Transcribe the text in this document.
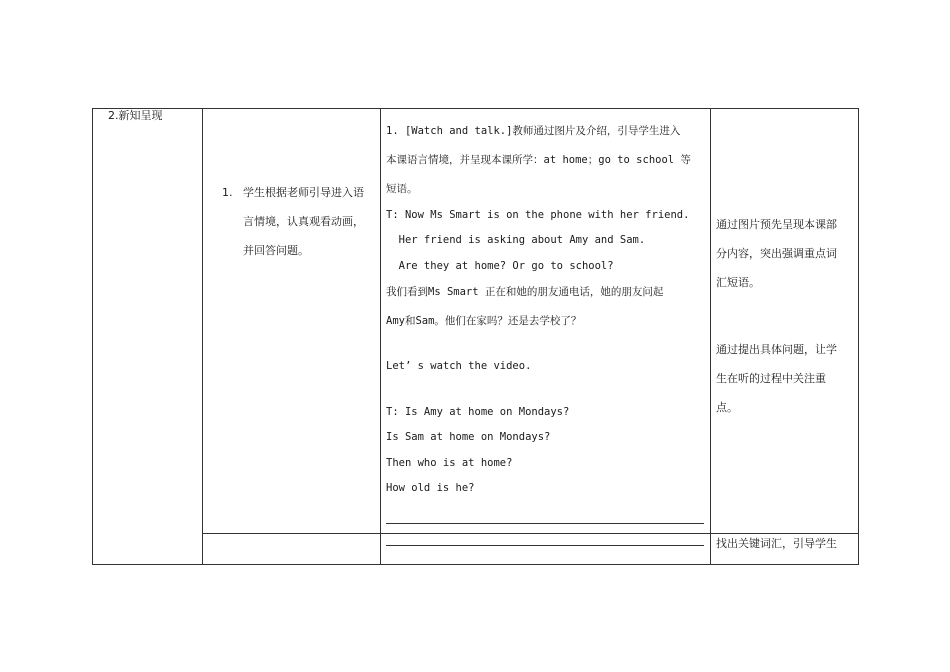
2.新知呈现
1. 学生根据老师引导进入语
言情境，认真观看动画，
并回答问题。
1. [Watch and talk.]教师通过图片及介绍，引导学生进入
本课语言情境，并呈现本课所学：at home；go to school 等
短语。
T: Now Ms Smart is on the phone with her friend.
Her friend is asking about Amy and Sam.
Are they at home? Or go to school?
我们看到Ms Smart 正在和她的朋友通电话，她的朋友问起
Amy和Sam。他们在家吗？还是去学校了？
Let’ s watch the video.
T: Is Amy at home on Mondays?
Is Sam at home on Mondays?
Then who is at home?
How old is he?
通过图片预先呈现本课部
分内容，突出强调重点词
汇短语。
通过提出具体问题，让学
生在听的过程中关注重
点。
找出关键词汇，引导学生
